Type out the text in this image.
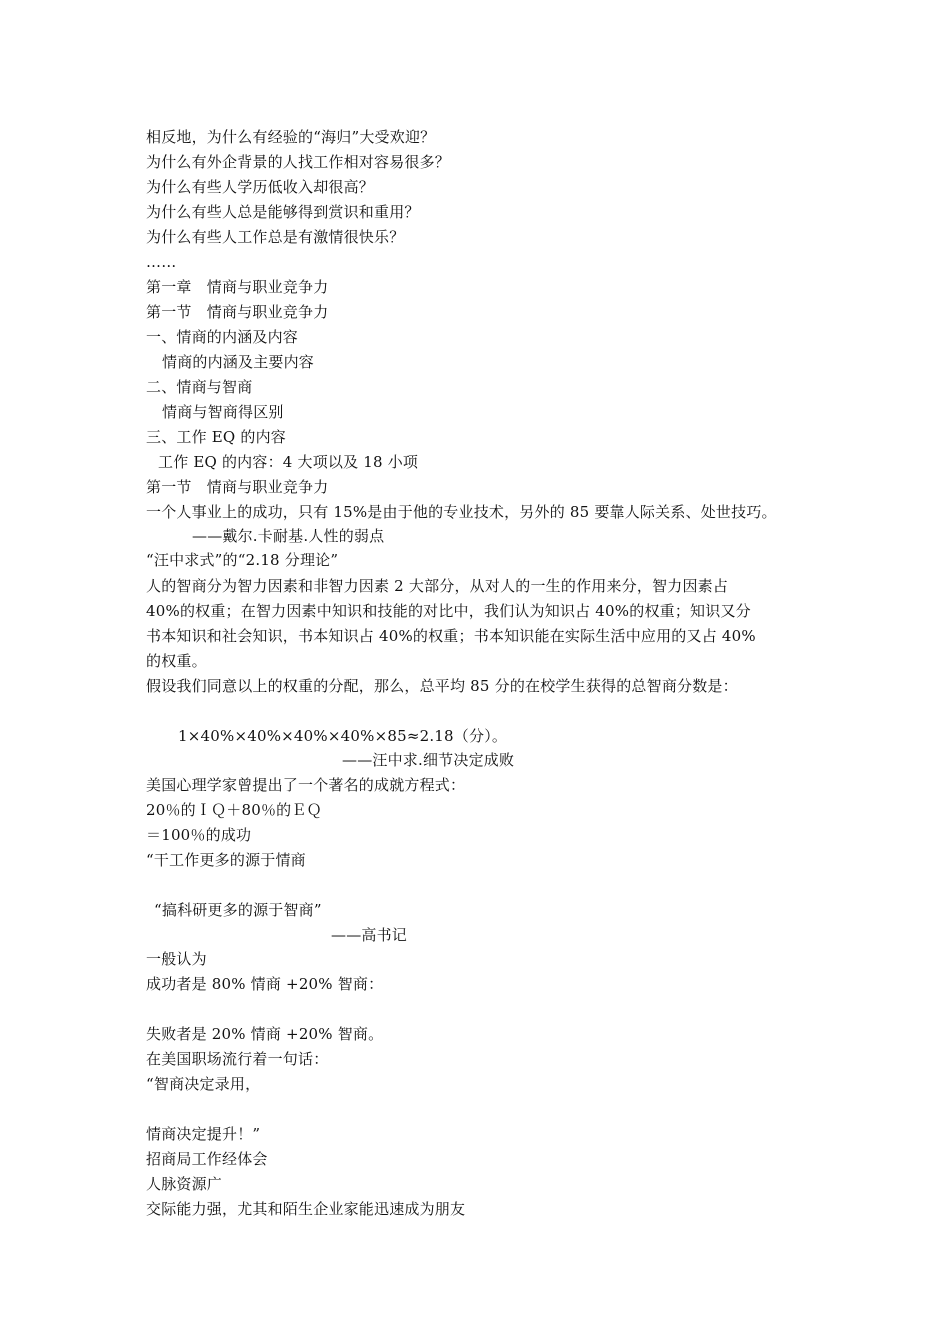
相反地，为什么有经验的“海归”大受欢迎？
为什么有外企背景的人找工作相对容易很多？
为什么有些人学历低收入却很高？
为什么有些人总是能够得到赏识和重用？
为什么有些人工作总是有激情很快乐？
……
第一章　情商与职业竞争力
第一节　情商与职业竞争力
一、情商的内涵及内容
情商的内涵及主要内容
二、情商与智商
情商与智商得区别
三、工作 EQ 的内容
工作 EQ 的内容：4 大项以及 18 小项
第一节　情商与职业竞争力
一个人事业上的成功，只有 15%是由于他的专业技术，另外的 85 要靠人际关系、处世技巧。
——戴尔.卡耐基.人性的弱点
“汪中求式”的“2.18 分理论”
人的智商分为智力因素和非智力因素 2 大部分，从对人的一生的作用来分，智力因素占
40%的权重；在智力因素中知识和技能的对比中，我们认为知识占 40%的权重；知识又分
书本知识和社会知识，书本知识占 40%的权重；书本知识能在实际生活中应用的又占 40%
的权重。
假设我们同意以上的权重的分配，那么，总平均 85 分的在校学生获得的总智商分数是：
1×40%×40%×40%×40%×85≈2.18（分）。
——汪中求.细节决定成败
美国心理学家曾提出了一个著名的成就方程式：
20％的ＩＱ＋80％的ＥＱ
＝100％的成功
“干工作更多的源于情商
“搞科研更多的源于智商”
——高书记
一般认为
成功者是 80% 情商 +20% 智商：
失败者是 20% 情商 +20% 智商。
在美国职场流行着一句话：
“智商决定录用，
情商决定提升！”
招商局工作经体会
人脉资源广
交际能力强，尤其和陌生企业家能迅速成为朋友
